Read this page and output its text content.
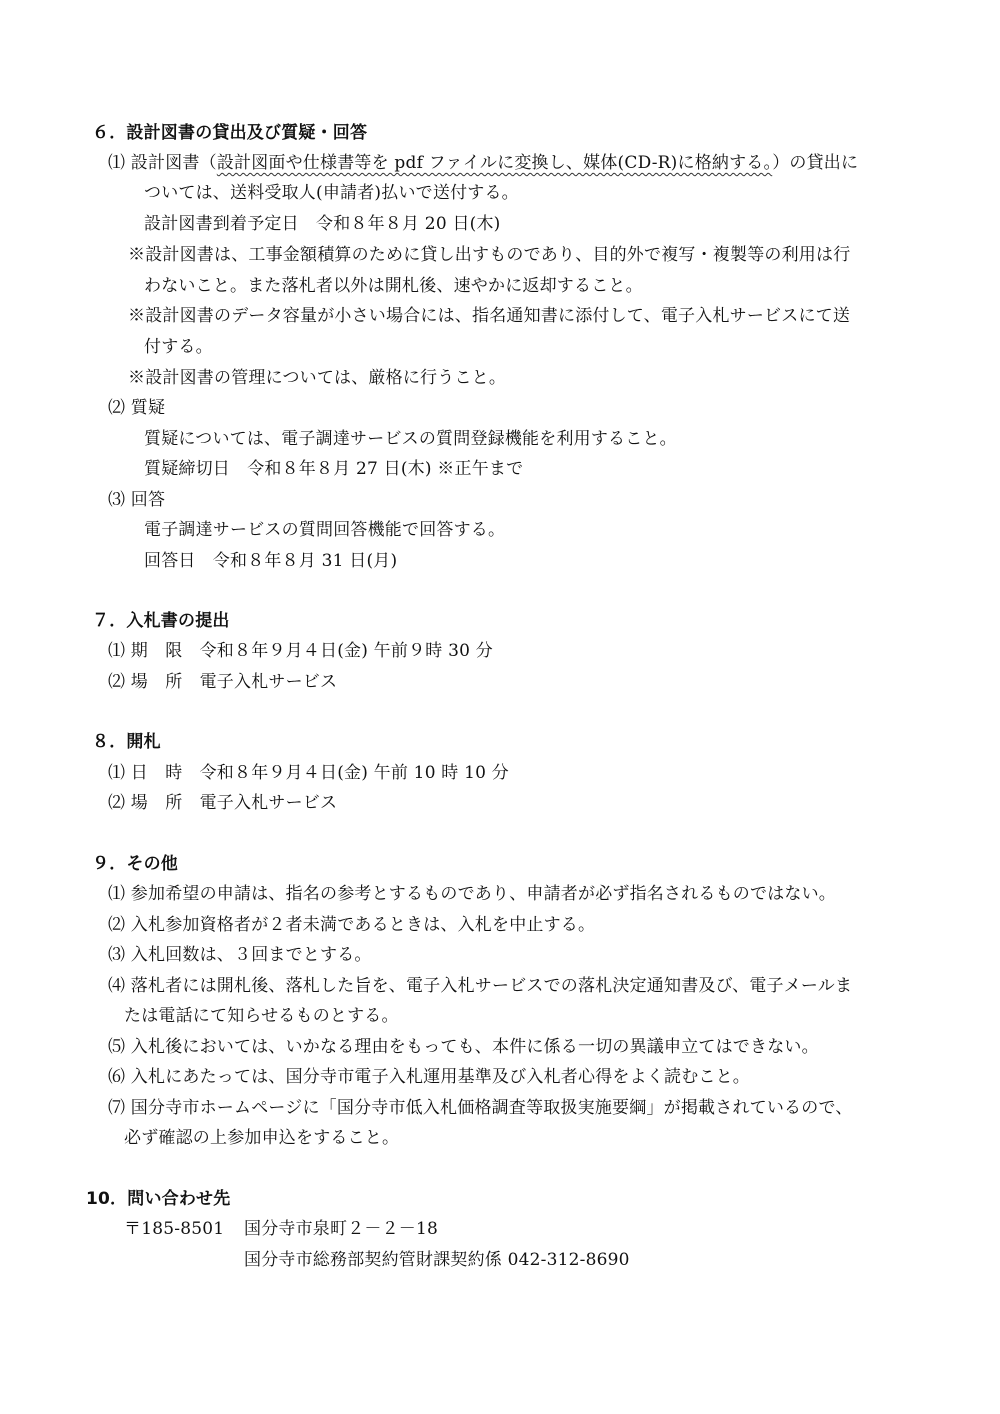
６．設計図書の貸出及び質疑・回答
⑴ 設計図書（設計図面や仕様書等を pdf ファイルに変換し、媒体(CD-R)に格納する。）の貸出に
ついては、送料受取人(申請者)払いで送付する。
設計図書到着予定日　令和８年８月 20 日(木)
※設計図書は、工事金額積算のために貸し出すものであり、目的外で複写・複製等の利用は行
わないこと。また落札者以外は開札後、速やかに返却すること。
※設計図書のデータ容量が小さい場合には、指名通知書に添付して、電子入札サービスにて送
付する。
※設計図書の管理については、厳格に行うこと。
⑵ 質疑
質疑については、電子調達サービスの質問登録機能を利用すること。
質疑締切日　令和８年８月 27 日(木) ※正午まで
⑶ 回答
電子調達サービスの質問回答機能で回答する。
回答日　令和８年８月 31 日(月)
７．入札書の提出
⑴ 期　限　令和８年９月４日(金) 午前９時 30 分
⑵ 場　所　電子入札サービス
８．開札
⑴ 日　時　令和８年９月４日(金) 午前 10 時 10 分
⑵ 場　所　電子入札サービス
９．その他
⑴ 参加希望の申請は、指名の参考とするものであり、申請者が必ず指名されるものではない。
⑵ 入札参加資格者が２者未満であるときは、入札を中止する。
⑶ 入札回数は、３回までとする。
⑷ 落札者には開札後、落札した旨を、電子入札サービスでの落札決定通知書及び、電子メールま
たは電話にて知らせるものとする。
⑸ 入札後においては、いかなる理由をもっても、本件に係る一切の異議申立てはできない。
⑹ 入札にあたっては、国分寺市電子入札運用基準及び入札者心得をよく読むこと。
⑺ 国分寺市ホームページに「国分寺市低入札価格調査等取扱実施要綱」が掲載されているので、
必ず確認の上参加申込をすること。
10．問い合わせ先
〒185-8501 国分寺市泉町２－２－18
国分寺市総務部契約管財課契約係 042-312-8690
